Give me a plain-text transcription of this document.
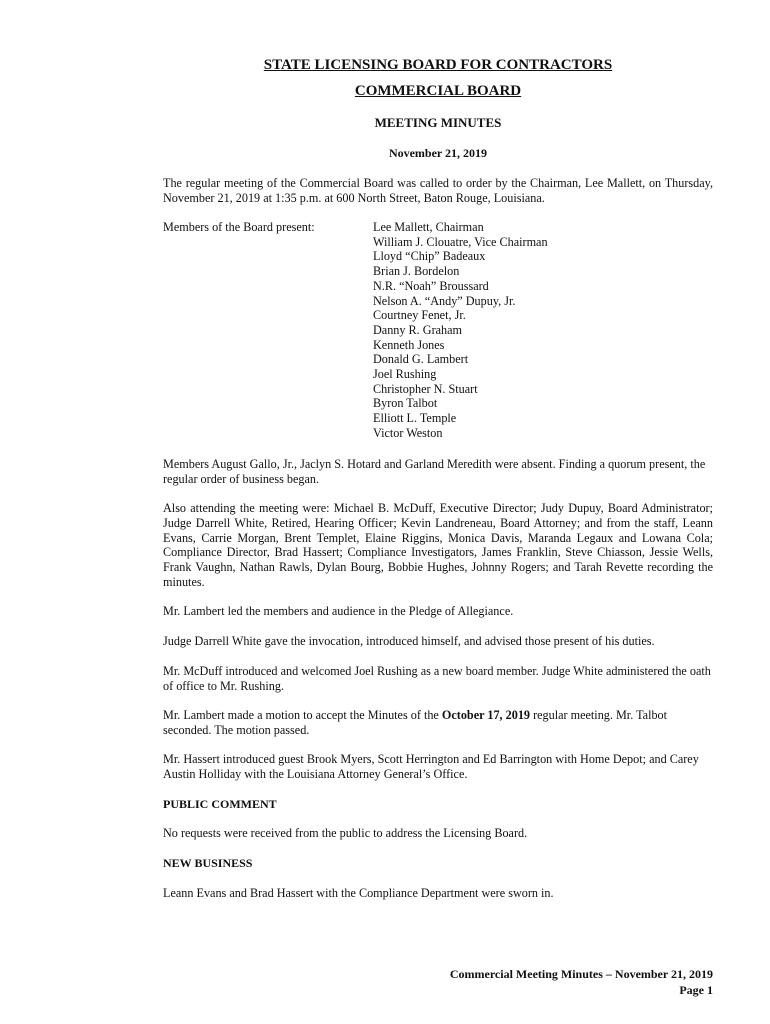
STATE LICENSING BOARD FOR CONTRACTORS
COMMERCIAL BOARD
MEETING MINUTES
November 21, 2019

The regular meeting of the Commercial Board was called to order by the Chairman, Lee Mallett, on Thursday, November 21, 2019 at 1:35 p.m. at 600 North Street, Baton Rouge, Louisiana.

Members of the Board present:	Lee Mallett, Chairman
William J. Clouatre, Vice Chairman
Lloyd “Chip” Badeaux
Brian J. Bordelon
N.R. “Noah” Broussard
Nelson A. “Andy” Dupuy, Jr.
Courtney Fenet, Jr.
Danny R. Graham
Kenneth Jones
Donald G. Lambert
Joel Rushing
Christopher N. Stuart
Byron Talbot
Elliott L. Temple
Victor Weston

Members August Gallo, Jr., Jaclyn S. Hotard and Garland Meredith were absent. Finding a quorum present, the regular order of business began.

Also attending the meeting were: Michael B. McDuff, Executive Director; Judy Dupuy, Board Administrator; Judge Darrell White, Retired, Hearing Officer; Kevin Landreneau, Board Attorney; and from the staff, Leann Evans, Carrie Morgan, Brent Templet, Elaine Riggins, Monica Davis, Maranda Legaux and Lowana Cola; Compliance Director, Brad Hassert; Compliance Investigators, James Franklin, Steve Chiasson, Jessie Wells, Frank Vaughn, Nathan Rawls, Dylan Bourg, Bobbie Hughes, Johnny Rogers; and Tarah Revette recording the minutes.

Mr. Lambert led the members and audience in the Pledge of Allegiance.

Judge Darrell White gave the invocation, introduced himself, and advised those present of his duties.

Mr. McDuff introduced and welcomed Joel Rushing as a new board member. Judge White administered the oath of office to Mr. Rushing.

Mr. Lambert made a motion to accept the Minutes of the October 17, 2019 regular meeting. Mr. Talbot seconded. The motion passed.

Mr. Hassert introduced guest Brook Myers, Scott Herrington and Ed Barrington with Home Depot; and Carey Austin Holliday with the Louisiana Attorney General’s Office.

PUBLIC COMMENT

No requests were received from the public to address the Licensing Board.

NEW BUSINESS

Leann Evans and Brad Hassert with the Compliance Department were sworn in.

Commercial Meeting Minutes – November 21, 2019
Page 1
